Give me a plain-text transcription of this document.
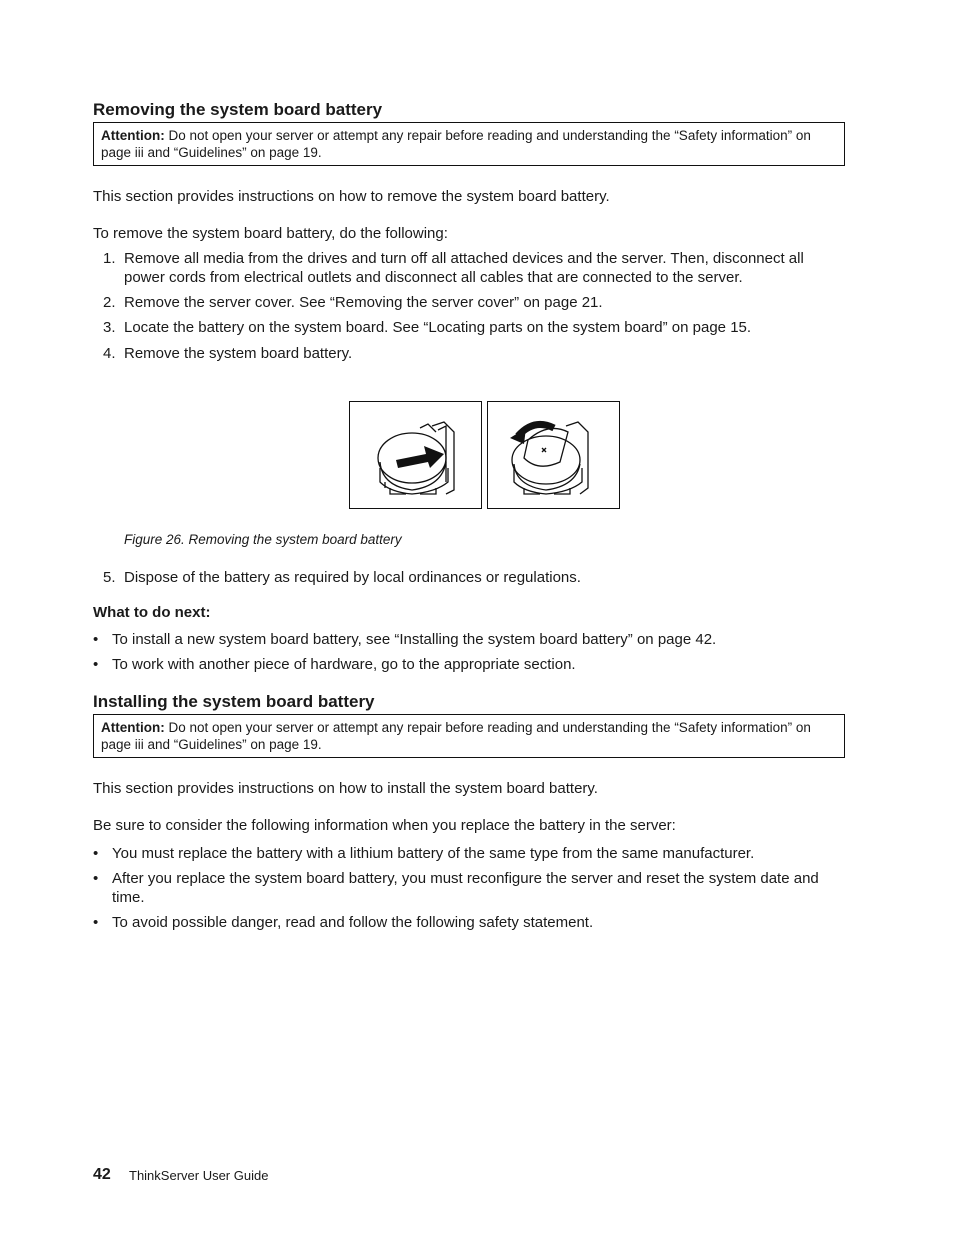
Removing the system board battery
Attention: Do not open your server or attempt any repair before reading and understanding the “Safety information” on page iii and “Guidelines” on page 19.
This section provides instructions on how to remove the system board battery.
To remove the system board battery, do the following:
1. Remove all media from the drives and turn off all attached devices and the server. Then, disconnect all power cords from electrical outlets and disconnect all cables that are connected to the server.
2. Remove the server cover. See “Removing the server cover” on page 21.
3. Locate the battery on the system board. See “Locating parts on the system board” on page 15.
4. Remove the system board battery.
Figure 26. Removing the system board battery
5. Dispose of the battery as required by local ordinances or regulations.
What to do next:
• To install a new system board battery, see “Installing the system board battery” on page 42.
• To work with another piece of hardware, go to the appropriate section.
Installing the system board battery
Attention: Do not open your server or attempt any repair before reading and understanding the “Safety information” on page iii and “Guidelines” on page 19.
This section provides instructions on how to install the system board battery.
Be sure to consider the following information when you replace the battery in the server:
• You must replace the battery with a lithium battery of the same type from the same manufacturer.
• After you replace the system board battery, you must reconfigure the server and reset the system date and time.
• To avoid possible danger, read and follow the following safety statement.
42 ThinkServer User Guide
